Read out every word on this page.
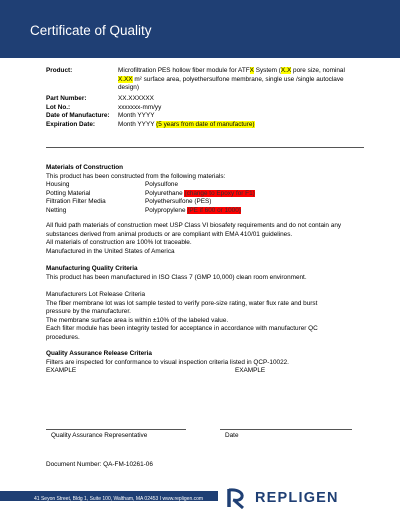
Certificate of Quality
Product:	Microfiltration PES hollow fiber module for ATFX System (X.X pore size, nominal
X.XX m² surface area, polyethersulfone membrane, single use /single autoclave
design)
Part Number:	XX.XXXXXX
Lot No.:	xxxxxxx-mm/yy
Date of Manufacture: Month YYYY
Expiration Date:	Month YYYY (5 years from date of manufacture)
Materials of Construction
This product has been constructed from the following materials:
Housing	Polysulfone
Potting Material	Polyurethane (change to Epoxy for F1)
Filtration Filter Media	Polyethersulfone (PES)
Netting	Polypropylene (PE if 600 or 1000)
All fluid path materials of construction meet USP Class VI biosafety requirements and do not contain any
substances derived from animal products or are compliant with EMA 410/01 guidelines.
All materials of construction are 100% lot traceable.
Manufactured in the United States of America
Manufacturing Quality Criteria
This product has been manufactured in ISO Class 7 (GMP 10,000) clean room environment.
Manufacturers Lot Release Criteria
The fiber membrane lot was lot sample tested to verify pore-size rating, water flux rate and burst
pressure by the manufacturer.
The membrane surface area is within ±10% of the labeled value.
Each filter module has been integrity tested for acceptance in accordance with manufacturer QC
procedures.
Quality Assurance Release Criteria
Filters are inspected for conformance to visual inspection criteria listed in QCP-10022.
EXAMPLE	EXAMPLE
Quality Assurance Representative	Date
Document Number: QA-FM-10261-06
41 Seyon Street, Bldg 1, Suite 100, Waltham, MA 02453 I www.repligen.com	REPLIGEN
